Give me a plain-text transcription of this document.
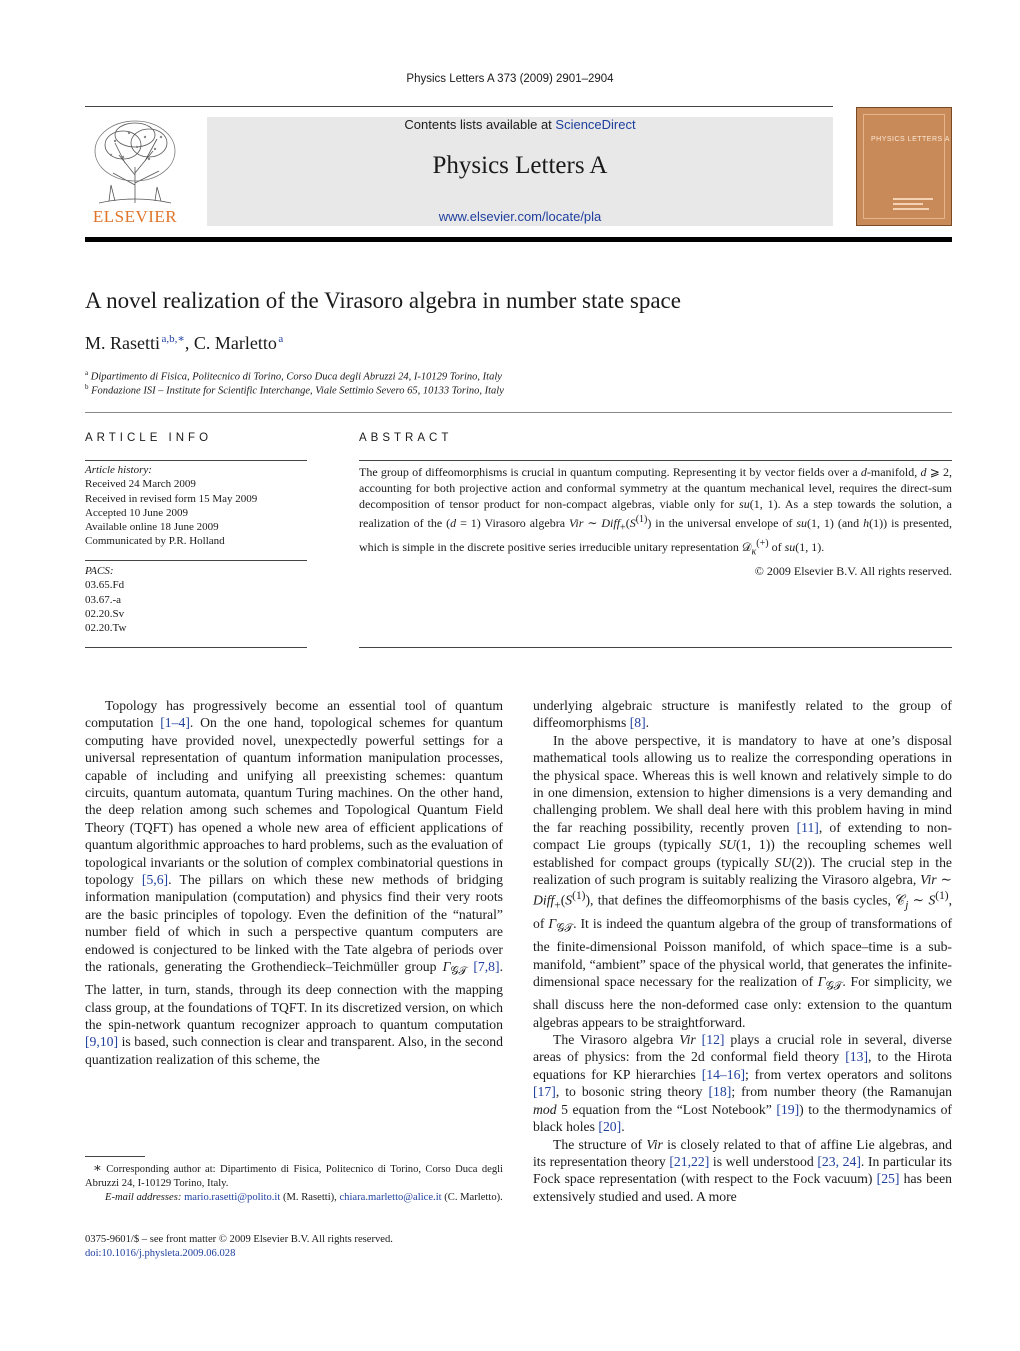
Physics Letters A 373 (2009) 2901–2904
ELSEVIER
Contents lists available at ScienceDirect
Physics Letters A
www.elsevier.com/locate/pla
PHYSICS LETTERS A
A novel realization of the Virasoro algebra in number state space
M. Rasetti  $^{a,b,∗}$, C. Marletto  $^a$
$^a$ Dipartimento di Fisica, Politecnico di Torino, Corso Duca degli Abruzzi 24, I-10129 Torino, Italy
$^b$ Fondazione ISI – Institute for Scientific Interchange, Viale Settimio Severo 65, 10133 Torino, Italy
ARTICLE INFO
Article history:
Received 24 March 2009
Received in revised form 15 May 2009
Accepted 10 June 2009
Available online 18 June 2009
Communicated by P.R. Holland
PACS:
03.65.Fd
03.67.-a
02.20.Sv
02.20.Tw
ABSTRACT
The group of diffeomorphisms is crucial in quantum computing. Representing it by vector fields over a d-manifold, d ⩾ 2, accounting for both projective action and conformal symmetry at the quantum mechanical level, requires the direct-sum decomposition of tensor product for non-compact algebras, viable only for su(1, 1). As a step towards the solution, a realization of the (d = 1) Virasoro algebra Vir ∼ $Diff_+(S^{(1)})$ in the universal envelope of su(1, 1) (and h(1)) is presented, which is simple in the discrete positive series irreducible unitary representation 𝒟$_\kappa$(+) of su(1, 1).
© 2009 Elsevier B.V. All rights reserved.

Topology has progressively become an essential tool of quantum computation [1–4]. On the one hand, topological schemes for quantum computing have provided novel, unexpectedly powerful settings for a universal representation of quantum information manipulation processes, capable of including and unifying all preexisting schemes: quantum circuits, quantum automata, quantum Turing machines. On the other hand, the deep relation among such schemes and Topological Quantum Field Theory (TQFT) has opened a whole new area of efficient applications of quantum algorithmic approaches to hard problems, such as the evaluation of topological invariants or the solution of complex combinatorial questions in topology [5,6]. The pillars on which these new methods of bridging information manipulation (computation) and physics find their very roots are the basic principles of topology. Even the definition of the “natural” number field of which in such a perspective quantum computers are endowed is conjectured to be linked with the Tate algebra of periods over the rationals, generating the Grothendieck–Teichmüller group $\Gamma_{𝒢𝒯}$ [7,8]. The latter, in turn, stands, through its deep connection with the mapping class group, at the foundations of TQFT. In its discretized version, on which the spin-network quantum recognizer approach to quantum computation [9,10] is based, such connection is clear and transparent. Also, in the second quantization realization of this scheme, the

underlying algebraic structure is manifestly related to the group of diffeomorphisms [8].

In the above perspective, it is mandatory to have at one’s disposal mathematical tools allowing us to realize the corresponding operations in the physical space. Whereas this is well known and relatively simple to do in one dimension, extension to higher dimensions is a very demanding and challenging problem. We shall deal here with this problem having in mind the far reaching possibility, recently proven [11], of extending to non-compact Lie groups (typically SU(1, 1)) the recoupling schemes well established for compact groups (typically SU(2)). The crucial step in the realization of such program is suitably realizing the Virasoro algebra, Vir ∼ $Diff_+(S^{(1)})$, that defines the diffeomorphisms of the basis cycles, 𝒞$_j$ ∼ $S^{(1)}$, of $\Gamma_{𝒢𝒯}$. It is indeed the quantum algebra of the group of transformations of the finite-dimensional Poisson manifold, of which space–time is a sub-manifold, “ambient” space of the physical world, that generates the infinite-dimensional space necessary for the realization of $\Gamma_{𝒢𝒯}$. For simplicity, we shall discuss here the non-deformed case only: extension to the quantum algebras appears to be straightforward.

The Virasoro algebra Vir [12] plays a crucial role in several, diverse areas of physics: from the 2d conformal field theory [13], to the Hirota equations for KP hierarchies [14–16]; from vertex operators and solitons [17], to bosonic string theory [18]; from number theory (the Ramanujan mod 5 equation from the “Lost Notebook” [19]) to the thermodynamics of black holes [20].

The structure of Vir is closely related to that of affine Lie algebras, and its representation theory [21,22] is well understood [23, 24]. In particular its Fock space representation (with respect to the Fock vacuum) [25] has been extensively studied and used. A more

∗ Corresponding author at: Dipartimento di Fisica, Politecnico di Torino, Corso Duca degli Abruzzi 24, I-10129 Torino, Italy.
E-mail addresses: mario.rasetti@polito.it (M. Rasetti), chiara.marletto@alice.it (C. Marletto).
0375-9601/$ – see front matter © 2009 Elsevier B.V. All rights reserved.
doi:10.1016/j.physleta.2009.06.028
